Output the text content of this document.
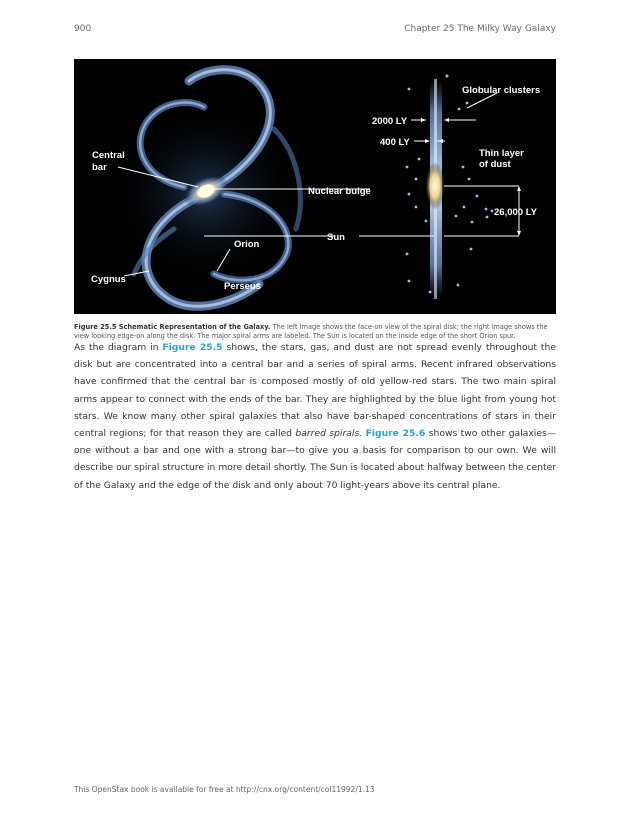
900	Chapter 25 The Milky Way Galaxy
Central
bar
Nuclear bulge
Orion
Sun
Cygnus
Perseus
Globular clusters
2000 LY
400 LY
Thin layer
of dust
26,000 LY
Figure 25.5 Schematic Representation of the Galaxy. The left image shows the face-on view of the spiral disk; the right image shows the view looking edge-on along the disk. The major spiral arms are labeled. The Sun is located on the inside edge of the short Orion spur.
As the diagram in Figure 25.5 shows, the stars, gas, and dust are not spread evenly throughout the disk but are concentrated into a central bar and a series of spiral arms. Recent infrared observations have confirmed that the central bar is composed mostly of old yellow-red stars. The two main spiral arms appear to connect with the ends of the bar. They are highlighted by the blue light from young hot stars. We know many other spiral galaxies that also have bar-shaped concentrations of stars in their central regions; for that reason they are called barred spirals. Figure 25.6 shows two other galaxies—one without a bar and one with a strong bar—to give you a basis for comparison to our own. We will describe our spiral structure in more detail shortly. The Sun is located about halfway between the center of the Galaxy and the edge of the disk and only about 70 light-years above its central plane.
This OpenStax book is available for free at http://cnx.org/content/col11992/1.13
